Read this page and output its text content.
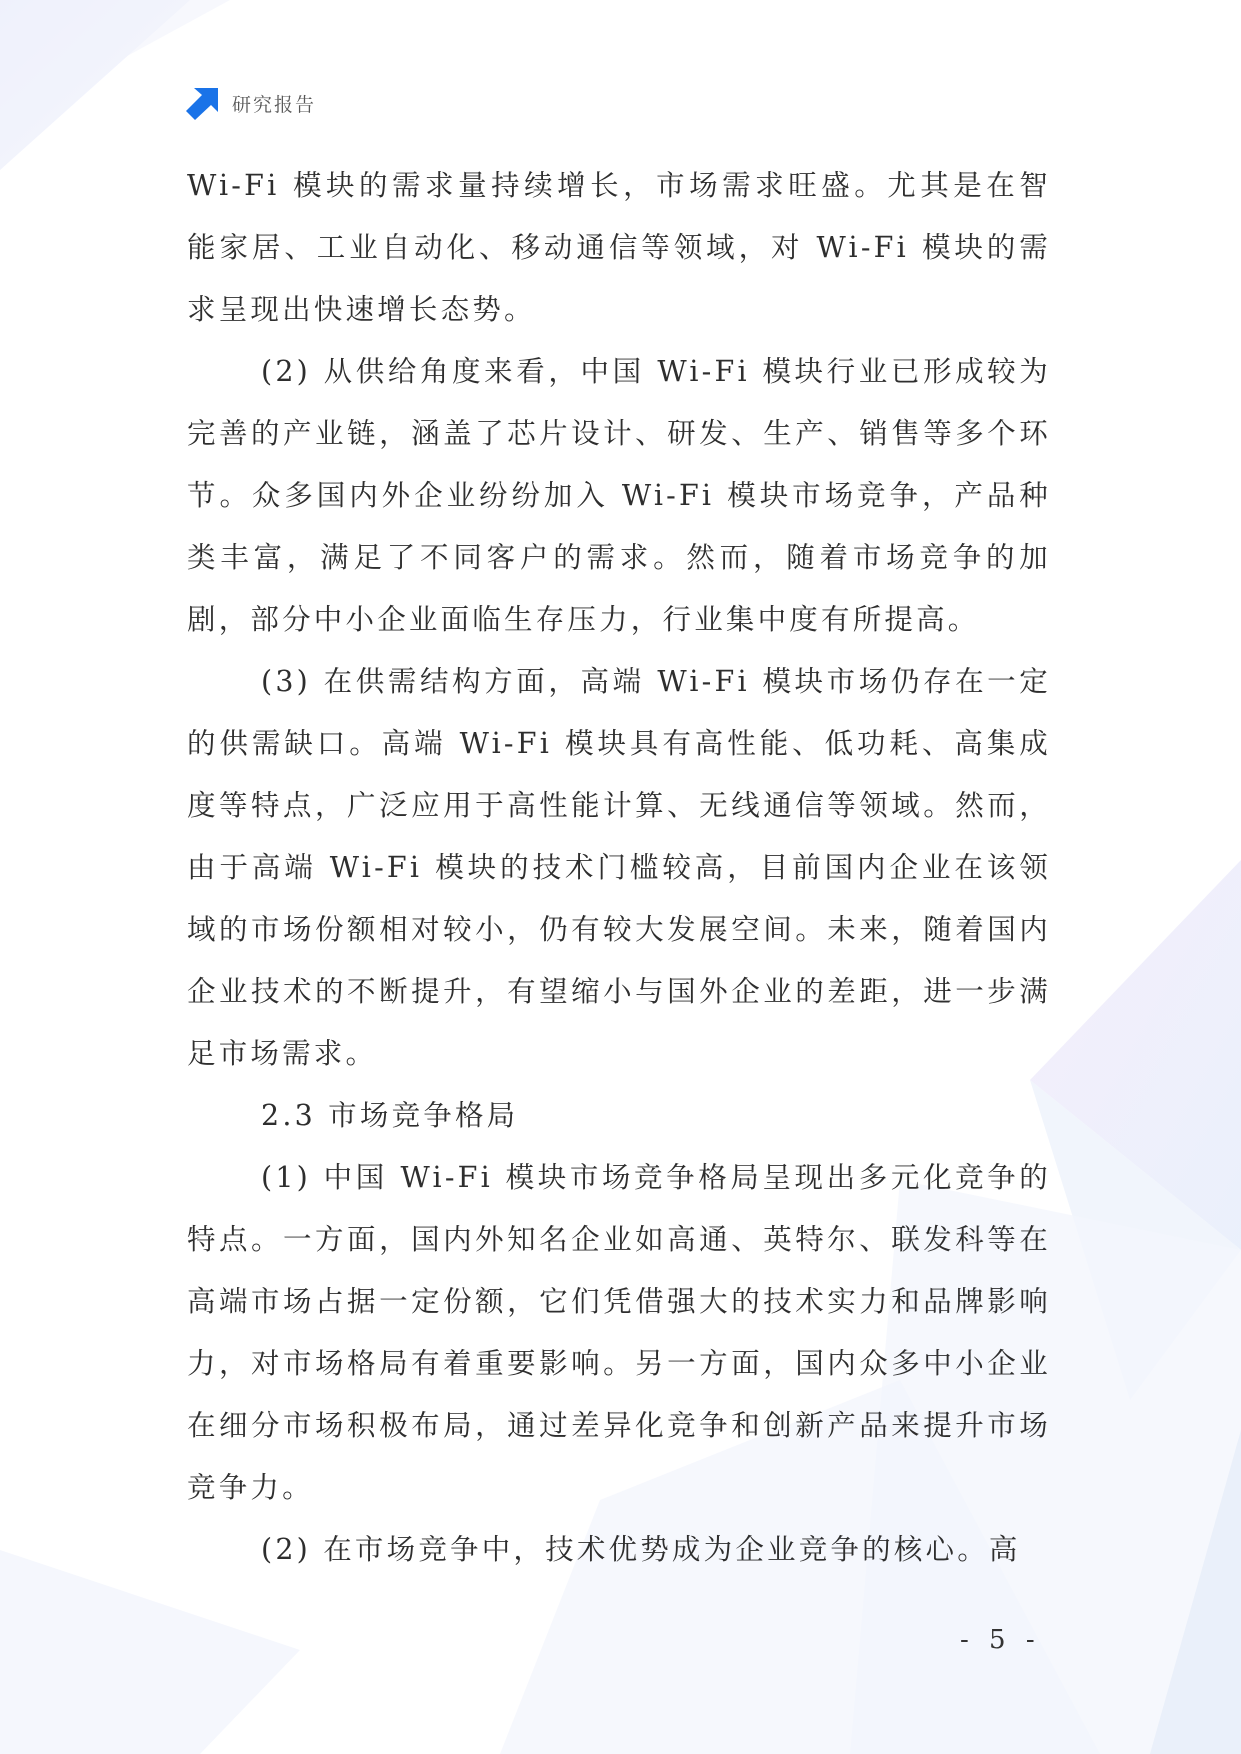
研究报告

Wi-Fi 模块的需求量持续增长，市场需求旺盛。尤其是在智能家居、工业自动化、移动通信等领域，对 Wi-Fi 模块的需求呈现出快速增长态势。

(2) 从供给角度来看，中国 Wi-Fi 模块行业已形成较为完善的产业链，涵盖了芯片设计、研发、生产、销售等多个环节。众多国内外企业纷纷加入 Wi-Fi 模块市场竞争，产品种类丰富，满足了不同客户的需求。然而，随着市场竞争的加剧，部分中小企业面临生存压力，行业集中度有所提高。

(3) 在供需结构方面，高端 Wi-Fi 模块市场仍存在一定的供需缺口。高端 Wi-Fi 模块具有高性能、低功耗、高集成度等特点，广泛应用于高性能计算、无线通信等领域。然而，由于高端 Wi-Fi 模块的技术门槛较高，目前国内企业在该领域的市场份额相对较小，仍有较大发展空间。未来，随着国内企业技术的不断提升，有望缩小与国外企业的差距，进一步满足市场需求。

2.3 市场竞争格局

(1) 中国 Wi-Fi 模块市场竞争格局呈现出多元化竞争的特点。一方面，国内外知名企业如高通、英特尔、联发科等在高端市场占据一定份额，它们凭借强大的技术实力和品牌影响力，对市场格局有着重要影响。另一方面，国内众多中小企业在细分市场积极布局，通过差异化竞争和创新产品来提升市场竞争力。

(2) 在市场竞争中，技术优势成为企业竞争的核心。高

- 5 -
